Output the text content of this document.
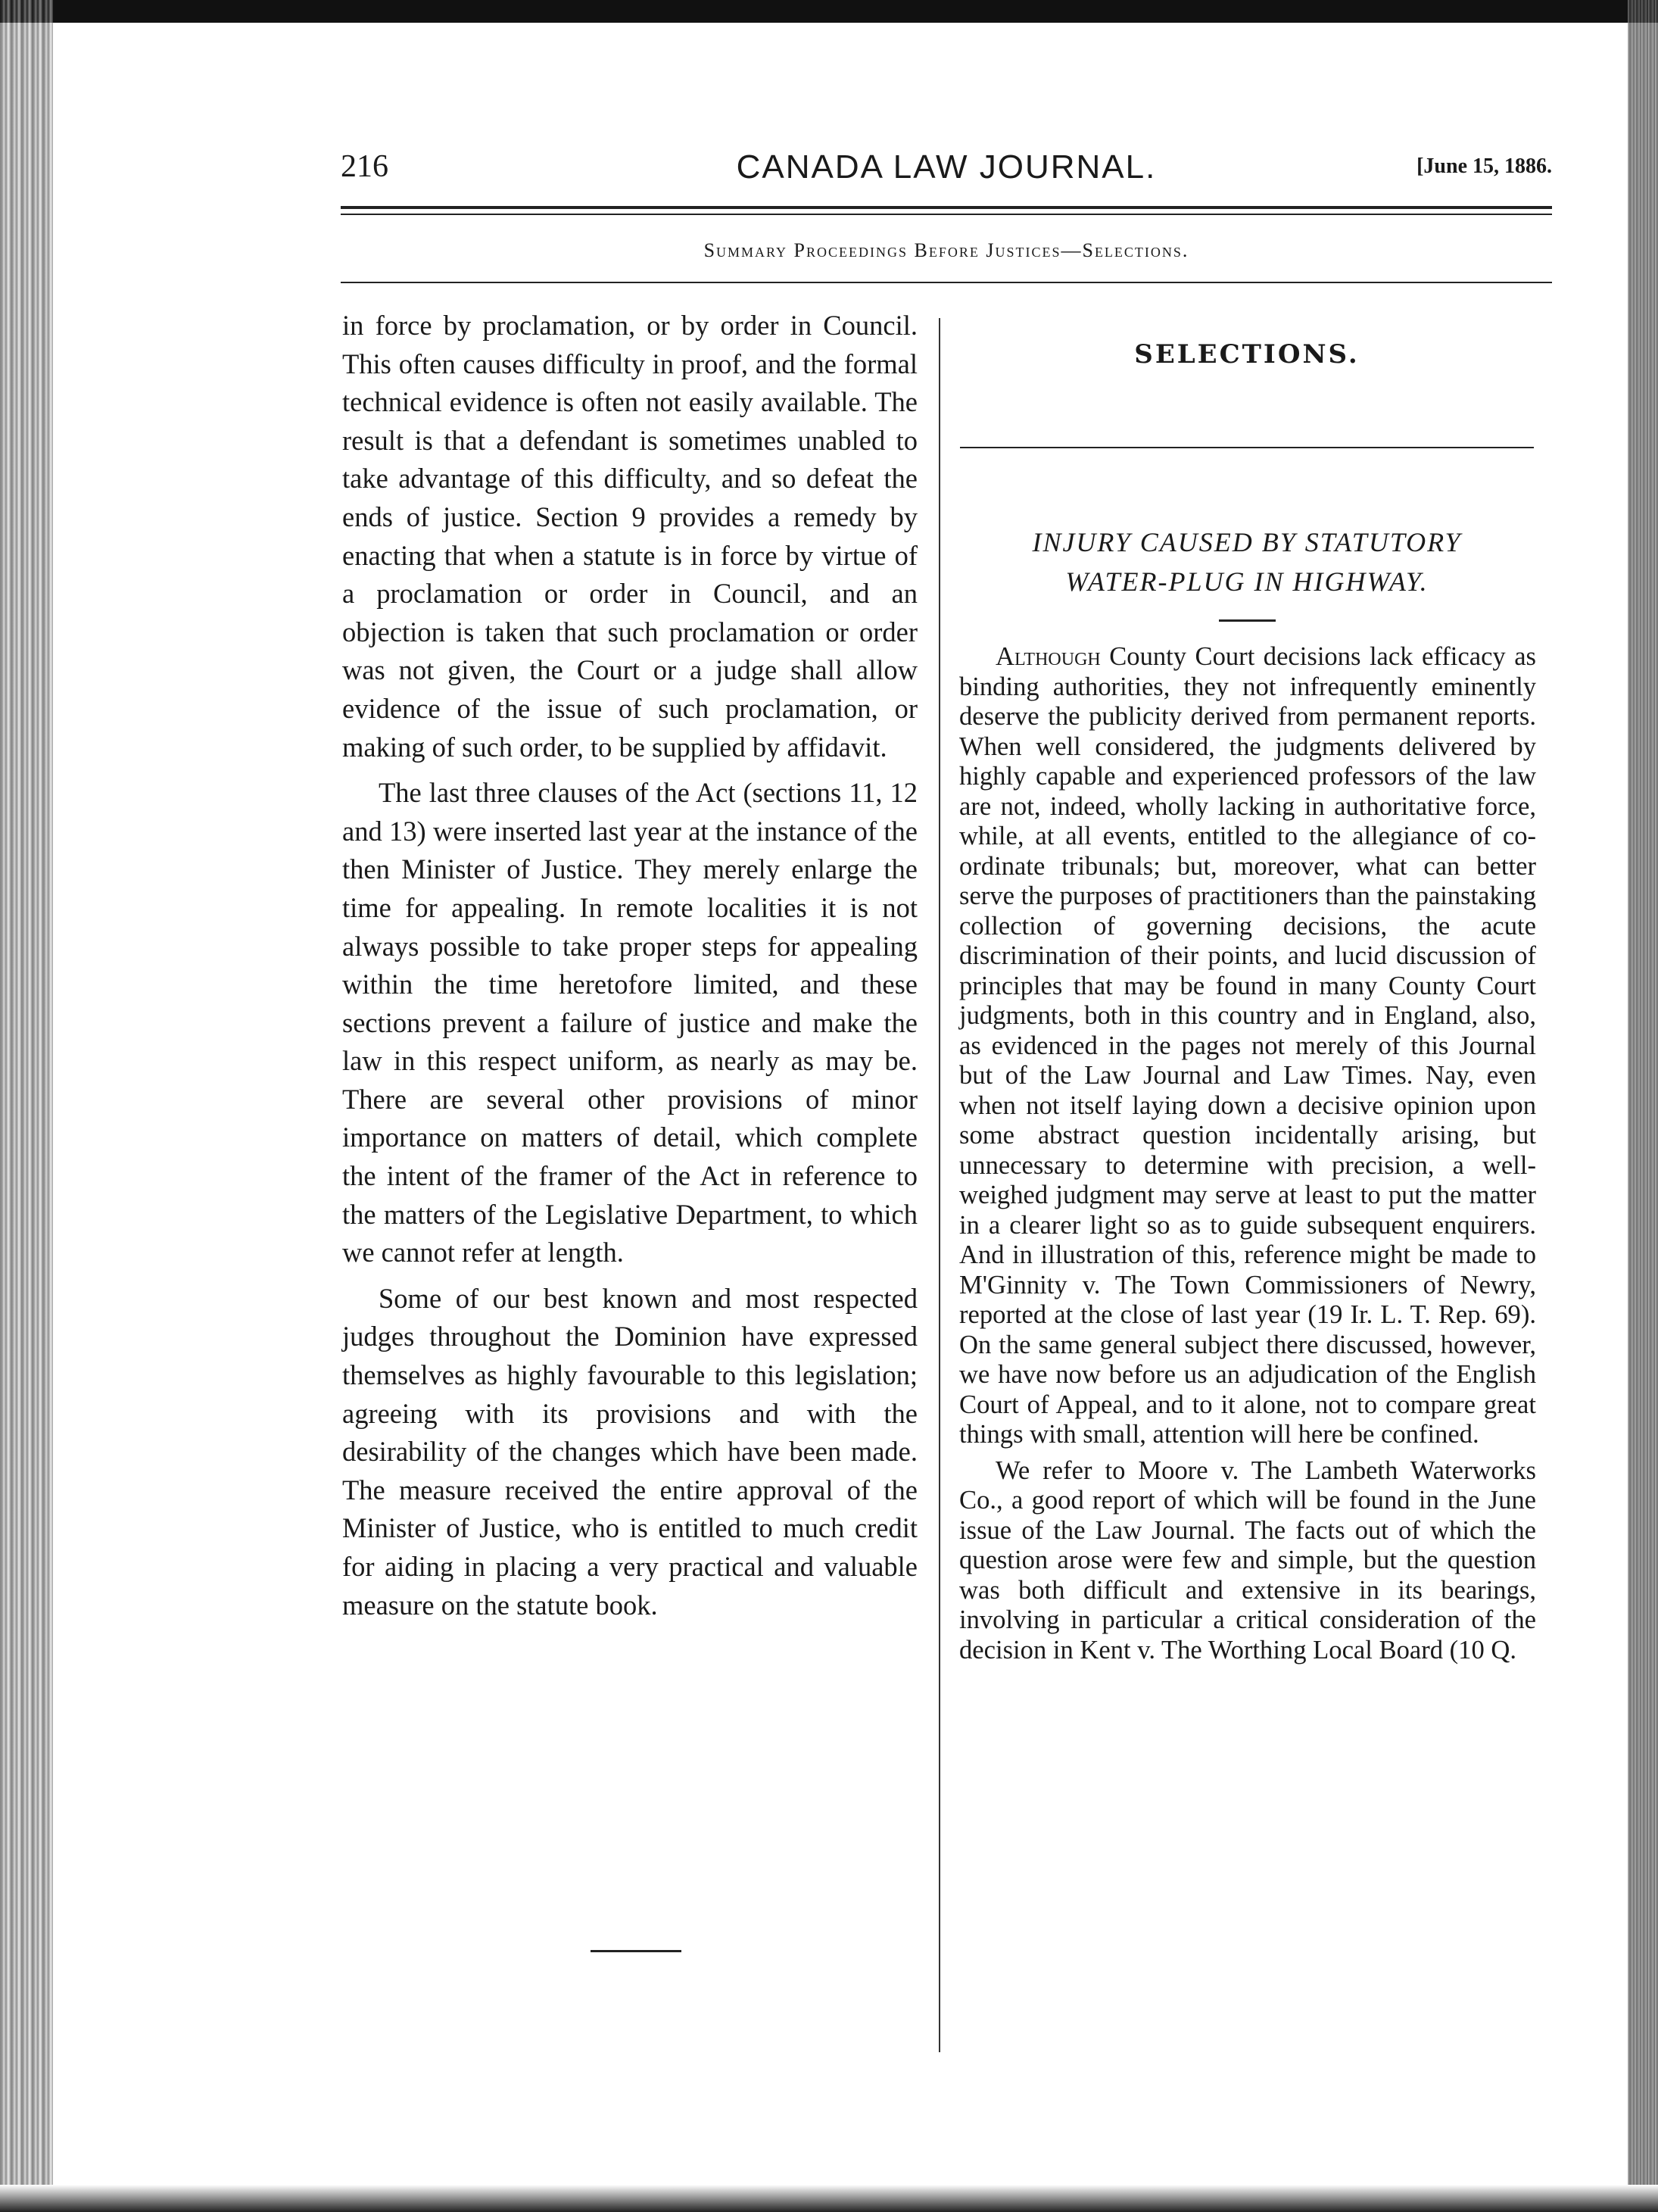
216	CANADA LAW JOURNAL.	[June 15, 1886.
Summary Proceedings Before Justices—Selections.

in force by proclamation, or by order in Council. This often causes difficulty in proof, and the formal technical evidence is often not easily available. The result is that a defendant is sometimes unabled to take advantage of this difficulty, and so defeat the ends of justice. Section 9 provides a remedy by enacting that when a statute is in force by virtue of a proclamation or order in Council, and an objection is taken that such proclamation or order was not given, the Court or a judge shall allow evidence of the issue of such proclamation, or making of such order, to be supplied by affidavit.

The last three clauses of the Act (sections 11, 12 and 13) were inserted last year at the instance of the then Minister of Justice. They merely enlarge the time for appealing. In remote localities it is not always possible to take proper steps for appealing within the time heretofore limited, and these sections prevent a failure of justice and make the law in this respect uniform, as nearly as may be. There are several other provisions of minor importance on matters of detail, which complete the intent of the framer of the Act in reference to the matters of the Legislative Department, to which we cannot refer at length.

Some of our best known and most respected judges throughout the Dominion have expressed themselves as highly favourable to this legislation; agreeing with its provisions and with the desirability of the changes which have been made. The measure received the entire approval of the Minister of Justice, who is entitled to much credit for aiding in placing a very practical and valuable measure on the statute book.

SELECTIONS.
INJURY CAUSED BY STATUTORY
WATER-PLUG IN HIGHWAY.

Although County Court decisions lack efficacy as binding authorities, they not infrequently eminently deserve the publicity derived from permanent reports. When well considered, the judgments delivered by highly capable and experienced professors of the law are not, indeed, wholly lacking in authoritative force, while, at all events, entitled to the allegiance of co-ordinate tribunals; but, moreover, what can better serve the purposes of practitioners than the painstaking collection of governing decisions, the acute discrimination of their points, and lucid discussion of principles that may be found in many County Court judgments, both in this country and in England, also, as evidenced in the pages not merely of this Journal but of the Law Journal and Law Times. Nay, even when not itself laying down a decisive opinion upon some abstract question incidentally arising, but unnecessary to determine with precision, a well-weighed judgment may serve at least to put the matter in a clearer light so as to guide subsequent enquirers. And in illustration of this, reference might be made to M'Ginnity v. The Town Commissioners of Newry, reported at the close of last year (19 Ir. L. T. Rep. 69). On the same general subject there discussed, however, we have now before us an adjudication of the English Court of Appeal, and to it alone, not to compare great things with small, attention will here be confined.

We refer to Moore v. The Lambeth Waterworks Co., a good report of which will be found in the June issue of the Law Journal. The facts out of which the question arose were few and simple, but the question was both difficult and extensive in its bearings, involving in particular a critical consideration of the decision in Kent v. The Worthing Local Board (10 Q.
